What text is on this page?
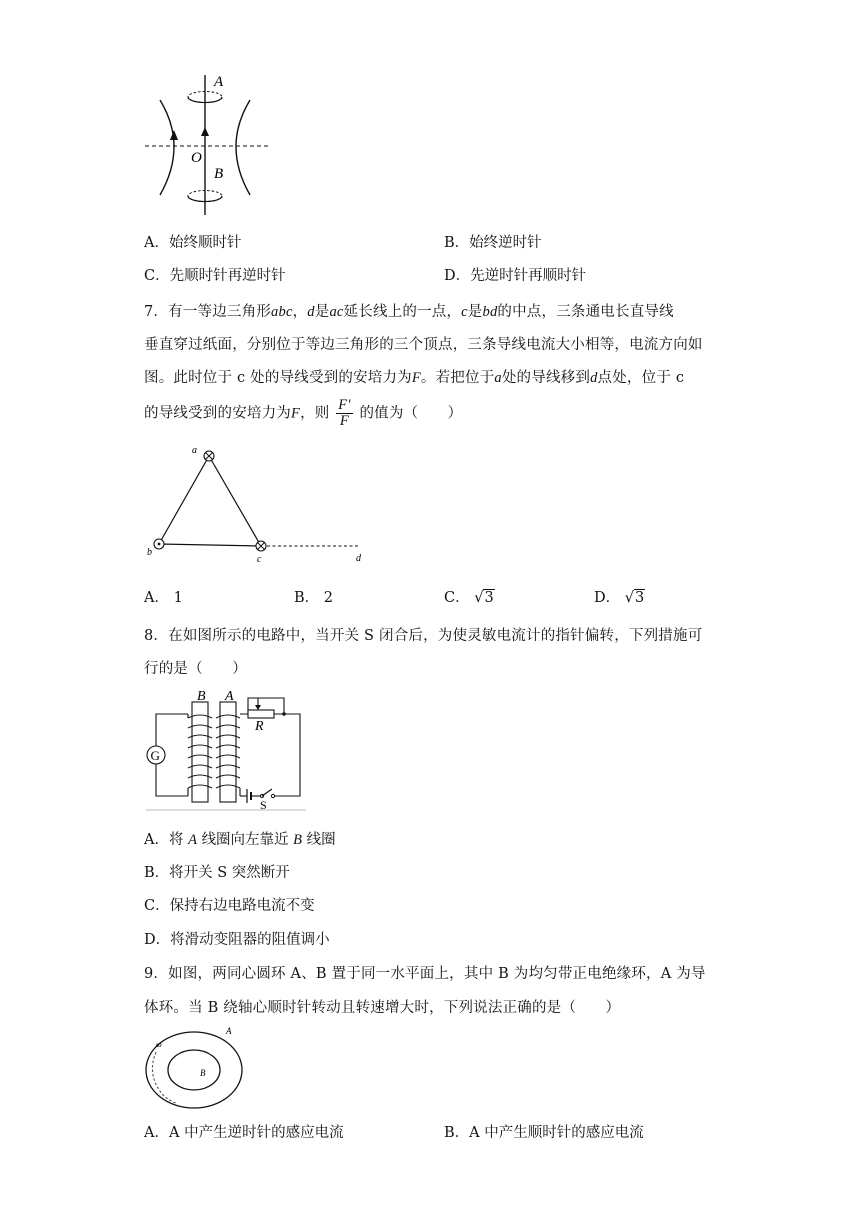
A
O
B
A．始终顺时针	B．始终逆时针
C．先顺时针再逆时针	D．先逆时针再顺时针
7．有一等边三角形abc，d是ac延长线上的一点，c是bd的中点，三条通电长直导线
垂直穿过纸面，分别位于等边三角形的三个顶点，三条导线电流大小相等，电流方向如
图。此时位于 c 处的导线受到的安培力为F。若把位于a处的导线移到d点处，位于 c
的导线受到的安培力为F，则 $\frac{F'}{F}$ 的值为（　　）
a
b
c	d
A． 1	B． 2	C． √3	D． √3
8．在如图所示的电路中，当开关 S 闭合后，为使灵敏电流计的指针偏转，下列措施可
行的是（　　）
G
B A
R
S
A．将 A 线圈向左靠近 B 线圈
B．将开关 S 突然断开
C．保持右边电路电流不变
D．将滑动变阻器的阻值调小
9．如图，两同心圆环 A、B 置于同一水平面上，其中 B 为均匀带正电绝缘环，A 为导
体环。当 B 绕轴心顺时针转动且转速增大时，下列说法正确的是（　　）
ω
A
B
A．A 中产生逆时针的感应电流	B．A 中产生顺时针的感应电流
